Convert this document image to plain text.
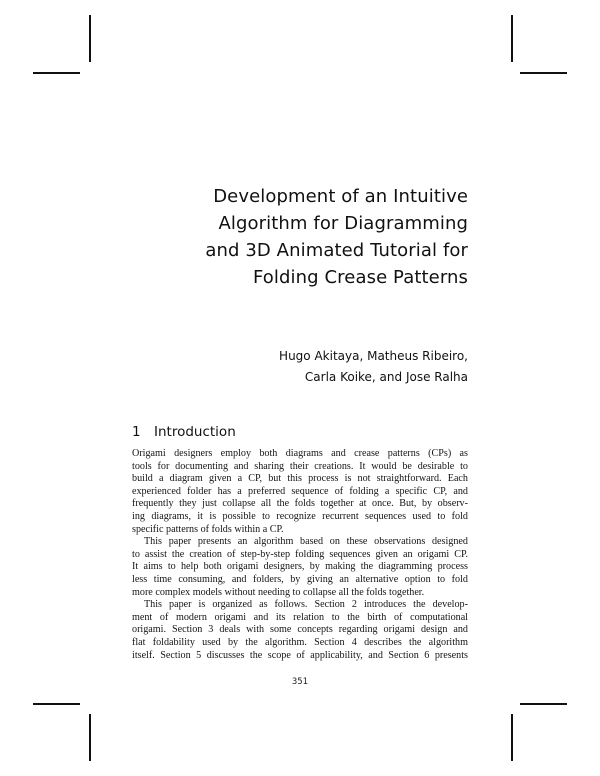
Development of an Intuitive
Algorithm for Diagramming
and 3D Animated Tutorial for
Folding Crease Patterns
Hugo Akitaya, Matheus Ribeiro,
Carla Koike, and Jose Ralha
1 Introduction
Origami designers employ both diagrams and crease patterns (CPs) as
tools for documenting and sharing their creations. It would be desirable to
build a diagram given a CP, but this process is not straightforward. Each
experienced folder has a preferred sequence of folding a specific CP, and
frequently they just collapse all the folds together at once. But, by observ-
ing diagrams, it is possible to recognize recurrent sequences used to fold
specific patterns of folds within a CP.
This paper presents an algorithm based on these observations designed
to assist the creation of step-by-step folding sequences given an origami CP.
It aims to help both origami designers, by making the diagramming process
less time consuming, and folders, by giving an alternative option to fold
more complex models without needing to collapse all the folds together.
This paper is organized as follows. Section 2 introduces the develop-
ment of modern origami and its relation to the birth of computational
origami. Section 3 deals with some concepts regarding origami design and
flat foldability used by the algorithm. Section 4 describes the algorithm
itself. Section 5 discusses the scope of applicability, and Section 6 presents
351
